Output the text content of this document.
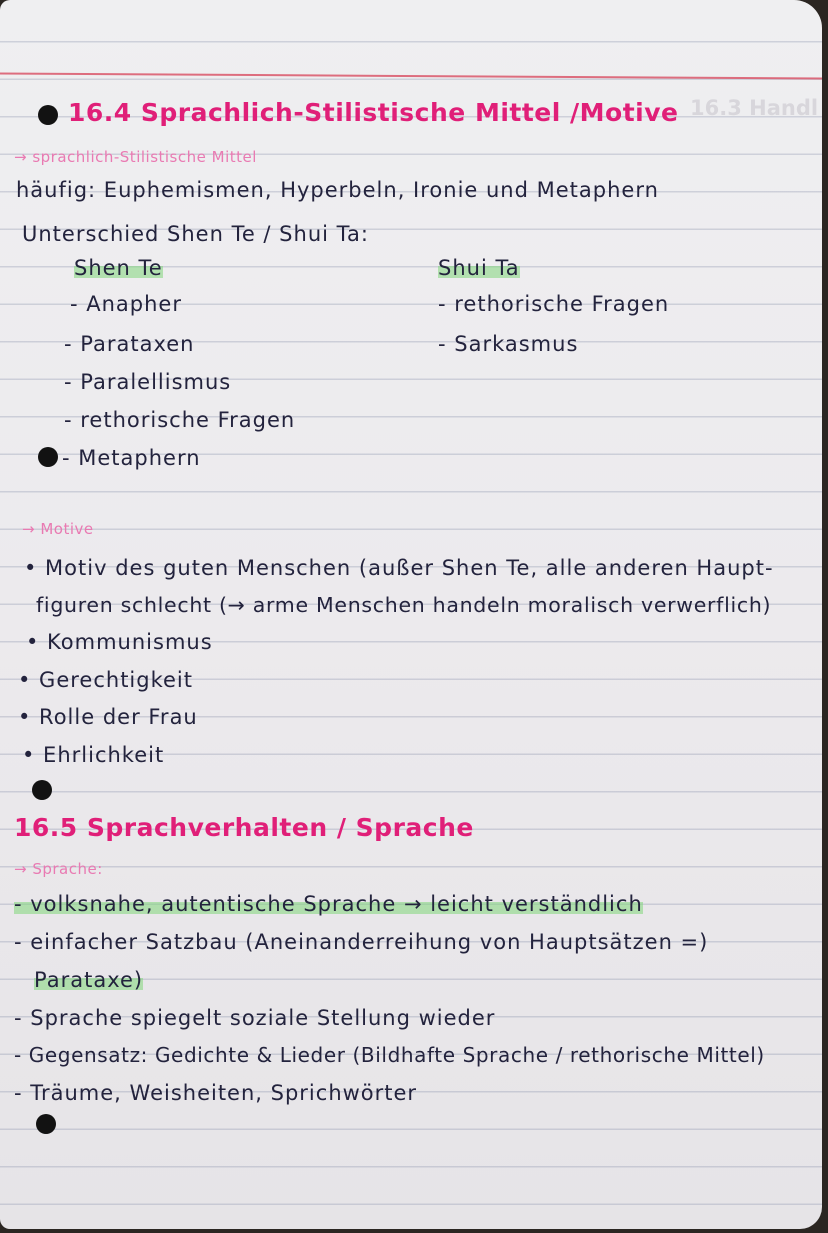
16.3 Handl
16.4 Sprachlich-Stilistische Mittel /Motive
→ sprachlich-Stilistische Mittel
häufig: Euphemismen, Hyperbeln, Ironie und Metaphern
Unterschied Shen Te / Shui Ta:
Shen Te
- Anapher
- Parataxen
- Paralellismus
- rethorische Fragen
- Metaphern
Shui Ta
- rethorische Fragen
- Sarkasmus
→ Motive
• Motiv des guten Menschen (außer Shen Te, alle anderen Haupt-
figuren schlecht (→ arme Menschen handeln moralisch verwerflich)
• Kommunismus
• Gerechtigkeit
• Rolle der Frau
• Ehrlichkeit
16.5 Sprachverhalten / Sprache
→ Sprache:
- volksnahe, autentische Sprache → leicht verständlich
- einfacher Satzbau (Aneinanderreihung von Hauptsätzen =)
Parataxe)
- Sprache spiegelt soziale Stellung wieder
- Gegensatz: Gedichte & Lieder (Bildhafte Sprache / rethorische Mittel)
- Träume, Weisheiten, Sprichwörter
